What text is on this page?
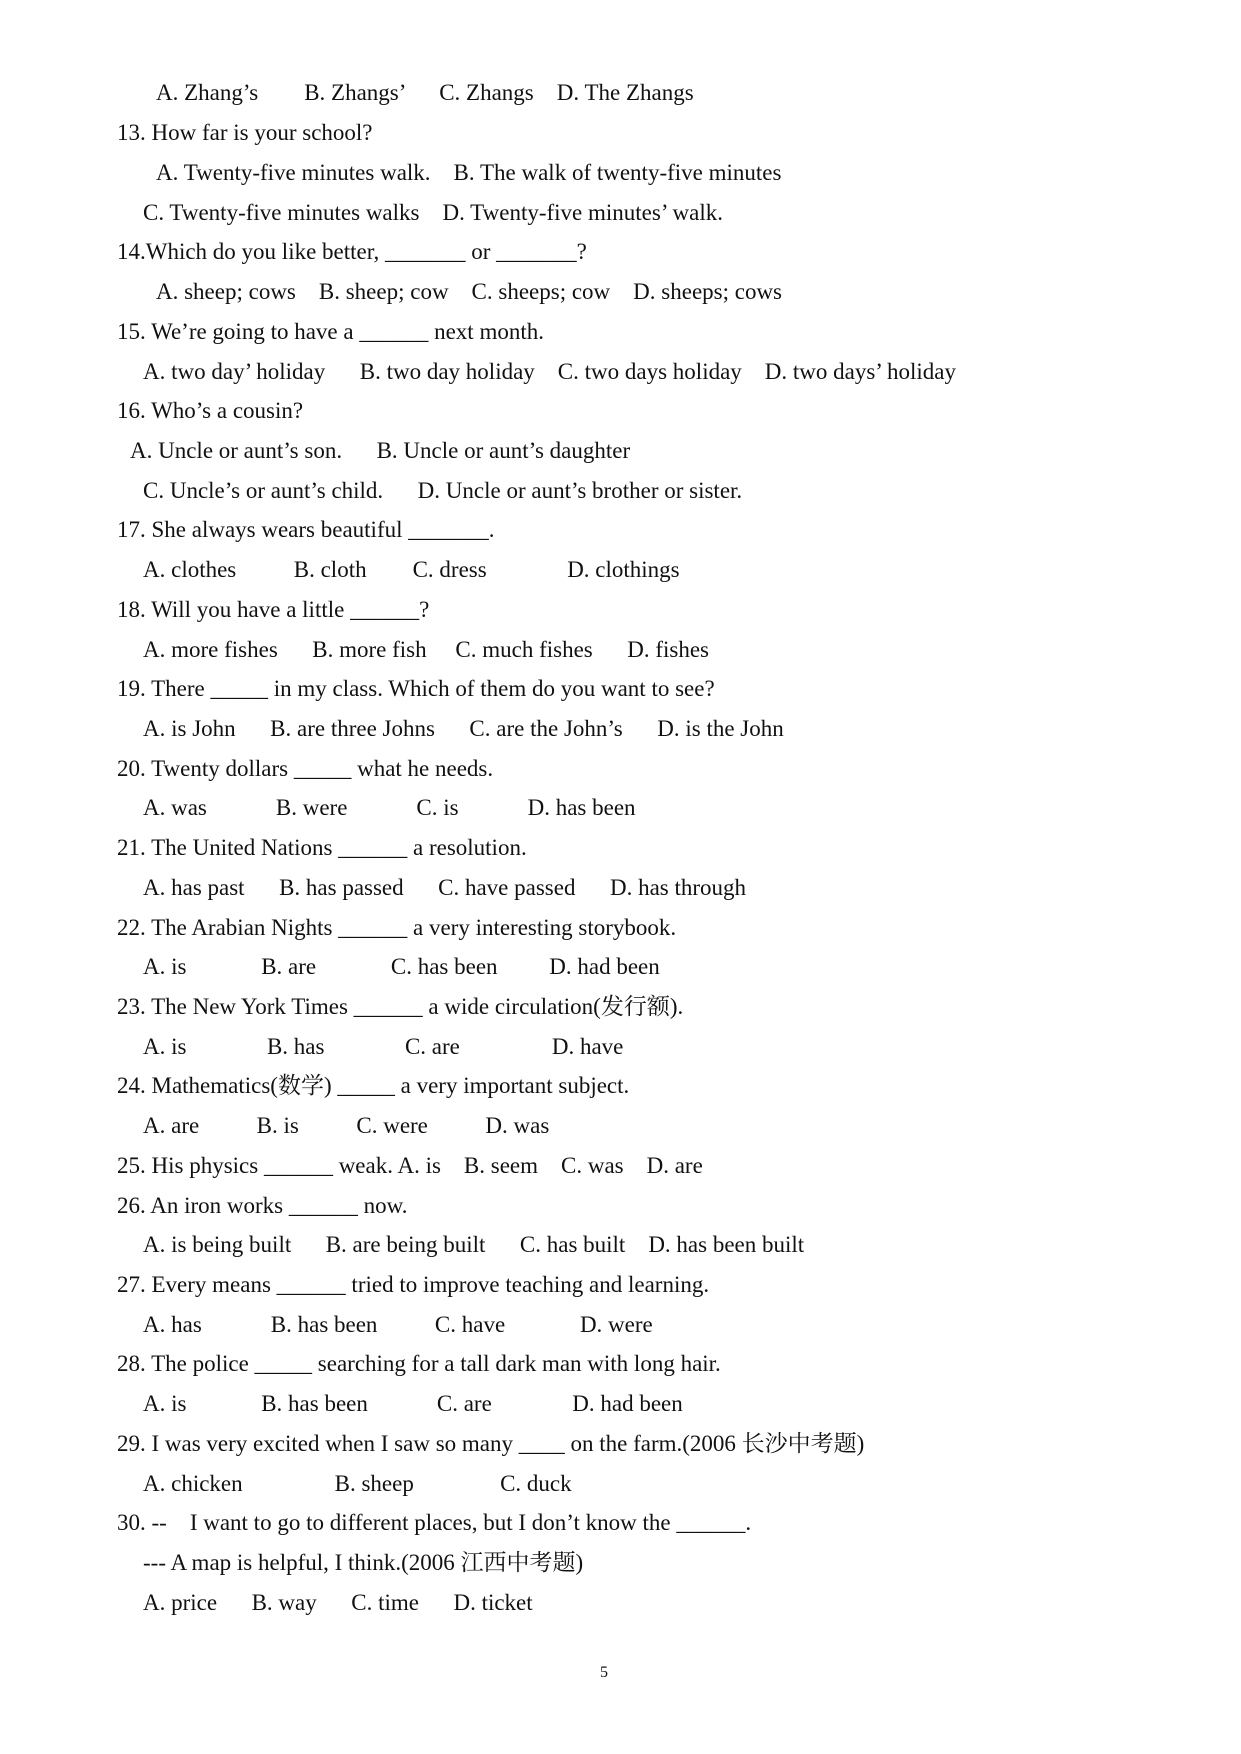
A. Zhang’s        B. Zhangs’      C. Zhangs    D. The Zhangs
13. How far is your school?
A. Twenty-five minutes walk.    B. The walk of twenty-five minutes
C. Twenty-five minutes walks    D. Twenty-five minutes’ walk.
14.Which do you like better, _______ or _______?
A. sheep; cows    B. sheep; cow    C. sheeps; cow    D. sheeps; cows
15. We’re going to have a ______ next month.
A. two day’ holiday      B. two day holiday    C. two days holiday    D. two days’ holiday
16. Who’s a cousin?
A. Uncle or aunt’s son.      B. Uncle or aunt’s daughter
C. Uncle’s or aunt’s child.      D. Uncle or aunt’s brother or sister.
17. She always wears beautiful _______.
A. clothes          B. cloth        C. dress              D. clothings
18. Will you have a little ______?
A. more fishes      B. more fish     C. much fishes      D. fishes
19. There _____ in my class. Which of them do you want to see?
A. is John      B. are three Johns      C. are the John’s      D. is the John
20. Twenty dollars _____ what he needs.
A. was            B. were            C. is            D. has been
21. The United Nations ______ a resolution.
A. has past      B. has passed      C. have passed      D. has through
22. The Arabian Nights ______ a very interesting storybook.
A. is             B. are             C. has been         D. had been
23. The New York Times ______ a wide circulation(发行额).
A. is              B. has              C. are                D. have
24. Mathematics(数学) _____ a very important subject.
A. are          B. is          C. were          D. was
25. His physics ______ weak. A. is    B. seem    C. was    D. are
26. An iron works ______ now.
A. is being built      B. are being built      C. has built    D. has been built
27. Every means ______ tried to improve teaching and learning.
A. has            B. has been          C. have             D. were
28. The police _____ searching for a tall dark man with long hair.
A. is             B. has been            C. are              D. had been
29. I was very excited when I saw so many ____ on the farm.(2006 长沙中考题)
A. chicken                B. sheep               C. duck
30. --    I want to go to different places, but I don’t know the ______.
--- A map is helpful, I think.(2006 江西中考题)
A. price      B. way      C. time      D. ticket
5
